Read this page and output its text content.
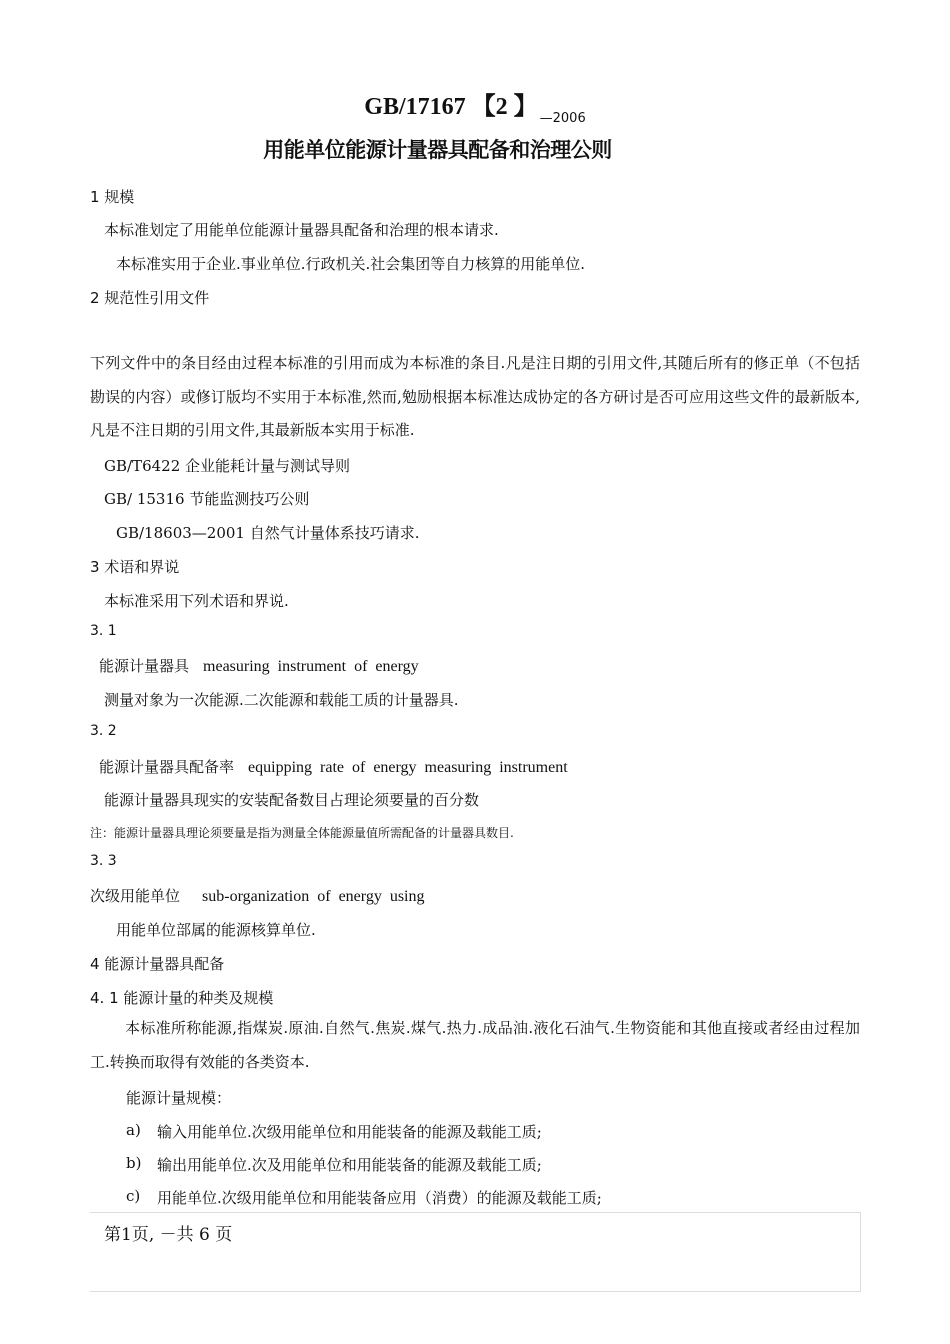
GB/17167 【2 】 $_{—2006}$
用能单位能源计量器具配备和治理公则
1 规模
本标准划定了用能单位能源计量器具配备和治理的根本请求.
本标准实用于企业.事业单位.行政机关.社会集团等自力核算的用能单位.
2 规范性引用文件
下列文件中的条目经由过程本标准的引用而成为本标准的条目.凡是注日期的引用文件,其随后所有的修正单（不包括勘误的内容）或修订版均不实用于本标准,然而,勉励根据本标准达成协定的各方研讨是否可应用这些文件的最新版本,凡是不注日期的引用文件,其最新版本实用于标准.
GB/T6422 企业能耗计量与测试导则
GB/ 15316 节能监测技巧公则
GB/18603—2001 自然气计量体系技巧请求.
3 术语和界说
本标准采用下列术语和界说.
3. 1
能源计量器具 measuring instrument of energy
测量对象为一次能源.二次能源和载能工质的计量器具.
3. 2
能源计量器具配备率 equipping rate of energy measuring instrument
能源计量器具现实的安装配备数目占理论须要量的百分数
注：能源计量器具理论须要量是指为测量全体能源量值所需配备的计量器具数目.
3. 3
次级用能单位 sub-organization of energy using
用能单位部属的能源核算单位.
4 能源计量器具配备
4. 1 能源计量的种类及规模
本标准所称能源,指煤炭.原油.自然气.焦炭.煤气.热力.成品油.液化石油气.生物资能和其他直接或者经由过程加工.转换而取得有效能的各类资本.
能源计量规模：
a) 输入用能单位.次级用能单位和用能装备的能源及载能工质;
b) 输出用能单位.次及用能单位和用能装备的能源及载能工质;
c) 用能单位.次级用能单位和用能装备应用（消费）的能源及载能工质;
第1页, －共 6 页
